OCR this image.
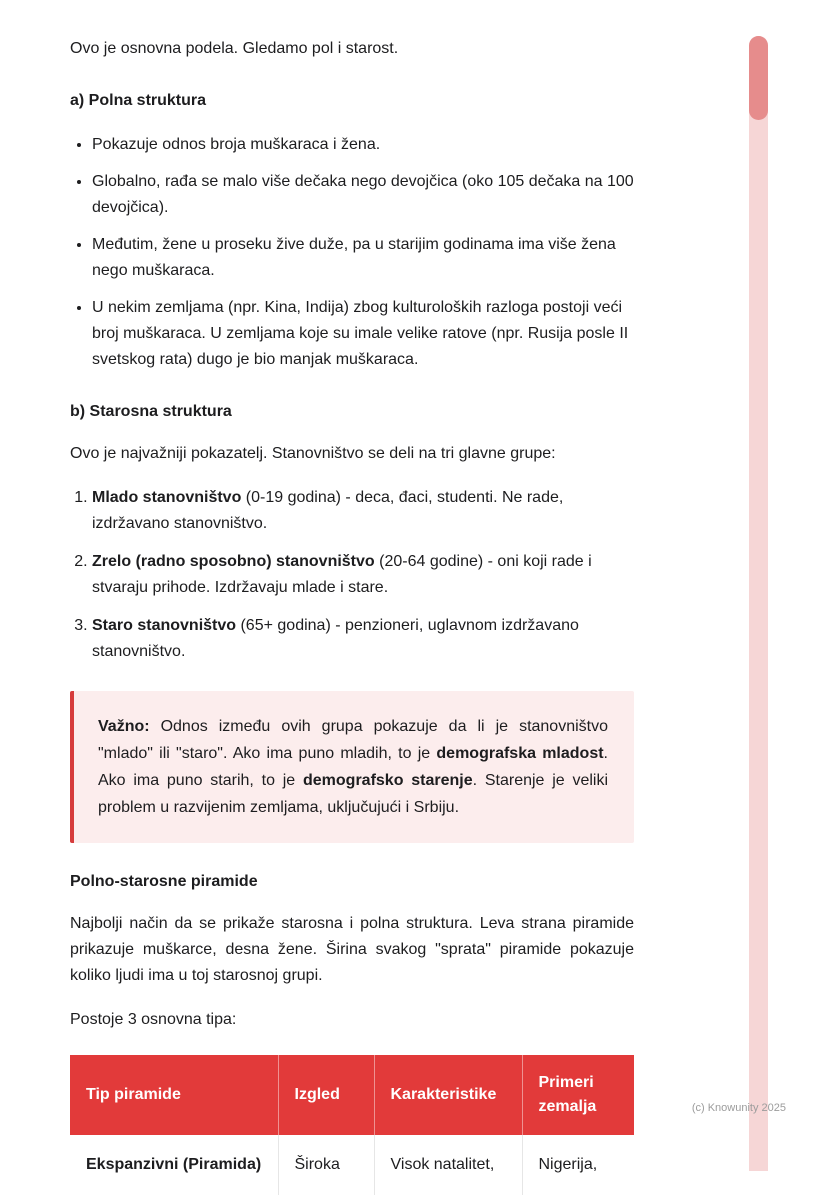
Ovo je osnovna podela. Gledamo pol i starost.

a) Polna struktura
• Pokazuje odnos broja muškaraca i žena.
• Globalno, rađa se malo više dečaka nego devojčica (oko 105 dečaka na 100 devojčica).
• Međutim, žene u proseku žive duže, pa u starijim godinama ima više žena nego muškaraca.
• U nekim zemljama (npr. Kina, Indija) zbog kulturoloških razloga postoji veći broj muškaraca. U zemljama koje su imale velike ratove (npr. Rusija posle II svetskog rata) dugo je bio manjak muškaraca.
b) Starosna struktura

Ovo je najvažniji pokazatelj. Stanovništvo se deli na tri glavne grupe:

1. Mlado stanovništvo (0-19 godina) - deca, đaci, studenti. Ne rade, izdržavano stanovništvo.
2. Zrelo (radno sposobno) stanovništvo (20-64 godine) - oni koji rade i stvaraju prihode. Izdržavaju mlade i stare.
3. Staro stanovništvo (65+ godina) - penzioneri, uglavnom izdržavano stanovništvo.

Važno: Odnos između ovih grupa pokazuje da li je stanovništvo "mlado" ili "staro". Ako ima puno mladih, to je demografska mladost. Ako ima puno starih, to je demografsko starenje. Starenje je veliki problem u razvijenim zemljama, uključujući i Srbiju.

Polno-starosne piramide

Najbolji način da se prikaže starosna i polna struktura. Leva strana piramide prikazuje muškarce, desna žene. Širina svakog "sprata" piramide pokazuje koliko ljudi ima u toj starosnoj grupi.

Postoje 3 osnovna tipa:

Tip piramide	Izgled	Karakteristike	Primeri zemalja
Ekspanzivni (Piramida)	Široka	Visok natalitet,	Nigerija,
(c) Knowunity 2025
